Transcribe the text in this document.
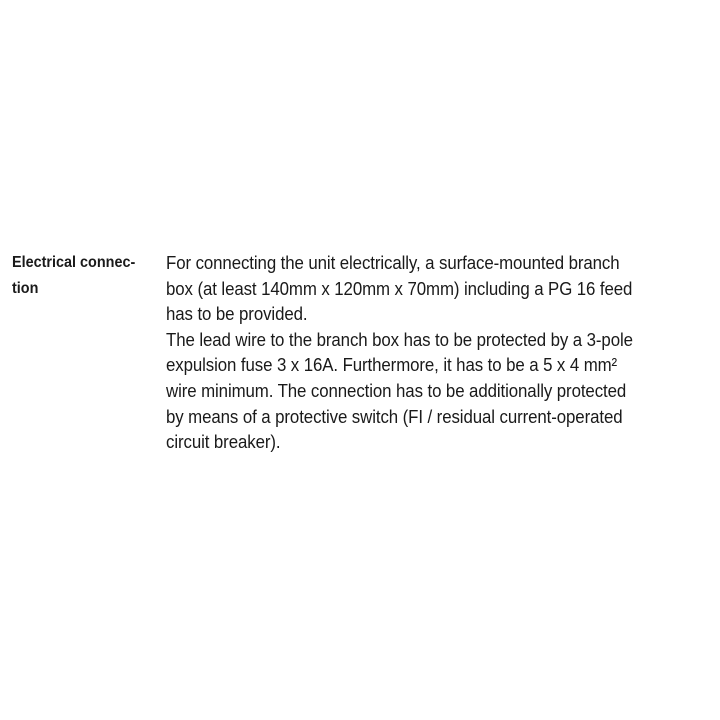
Electrical connec-
tion
For connecting the unit electrically, a surface-mounted branch
box (at least 140mm x 120mm x 70mm) including a PG 16 feed
has to be provided.
The lead wire to the branch box has to be protected by a 3-pole
expulsion fuse 3 x 16A. Furthermore, it has to be a 5 x 4 mm²
wire minimum. The connection has to be additionally protected
by means of a protective switch (FI / residual current-operated
circuit breaker).
